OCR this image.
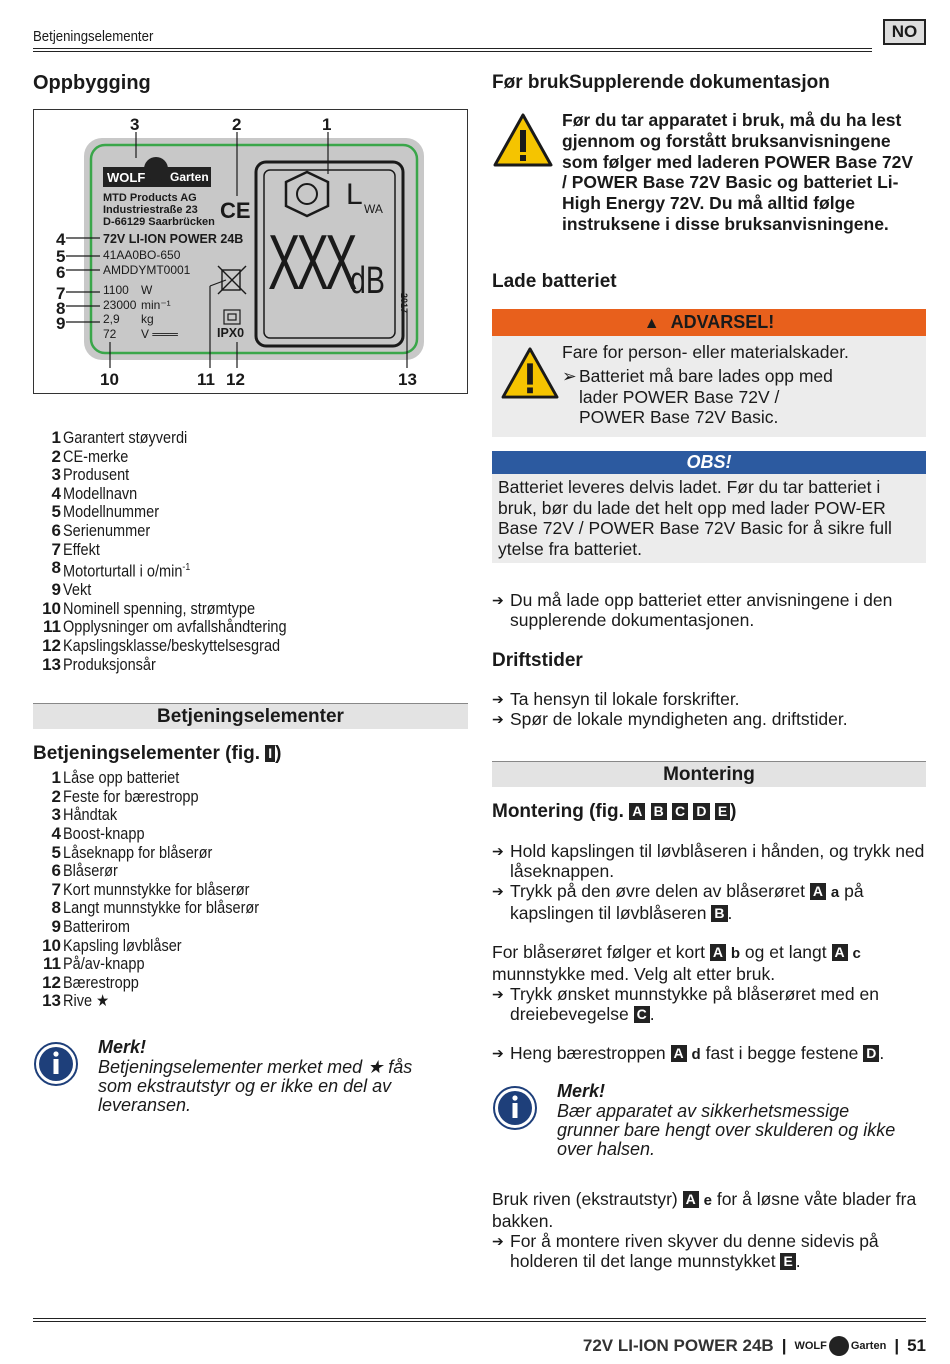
Betjeningselementer	NO
Oppbygging
3	2	1
4
5
6
7
8
9
10	11 12	13
WOLF Garten
MTD Products AG
Industriestraße 23
D-66129 Saarbrücken CE
72V LI-ION POWER 24B
41AA0BO-650
AMDDYMT0001
1100 W
23000 min⁻¹
2,9 kg
72 V ═══	IPX0
L WA
XXX
dB
2017
1 Garantert støyverdi
2 CE-merke
3 Produsent
4 Modellnavn
5 Modellnummer
6 Serienummer
7 Effekt
8 Motorturtall i $o/\min^{-1}$
9 Vekt
10 Nominell spenning, strømtype
11 Opplysninger om avfallshåndtering
12 Kapslingsklasse/beskyttelsesgrad
13 Produksjonsår
Betjeningselementer
Betjeningselementer (fig. I )
1 Låse opp batteriet
2 Feste for bærestropp
3 Håndtak
4 Boost-knapp
5 Låseknapp for blåserør
6 Blåserør
7 Kort munnstykke for blåserør
8 Langt munnstykke for blåserør
9 Batterirom
10 Kapsling løvblåser
11 På/av-knapp
12 Bærestropp
13 Rive ★
Merk!
Betjeningselementer merket med ★ fås
som ekstrautstyr og er ikke en del av
leveransen.
Før brukSupplerende dokumentasjon
Før du tar apparatet i bruk, må du ha lest gjennom og forstått bruksanvisningene som følger med laderen POWER Base 72V / POWER Base 72V Basic og batteriet Li-High Energy 72V. Du må alltid følge instruksene i disse bruksanvisningene.
Lade batteriet
▲ ADVARSEL!
Fare for person- eller materialskader.
➢ Batteriet må bare lades opp med lader POWER Base 72V / POWER Base 72V Basic.
OBS!
Batteriet leveres delvis ladet. Før du tar batteriet i bruk, bør du lade det helt opp med lader POW-ER Base 72V / POWER Base 72V Basic for å sikre full ytelse fra batteriet.
➔ Du må lade opp batteriet etter anvisningene i den supplerende dokumentasjonen.
Driftstider
➔ Ta hensyn til lokale forskrifter.
➔ Spør de lokale myndigheten ang. driftstider.
Montering
Montering (fig. A B C D E )
➔ Hold kapslingen til løvblåseren i hånden, og trykk ned låseknappen.
➔ Trykk på den øvre delen av blåserøret A a på kapslingen til løvblåseren B .
For blåserøret følger et kort A b og et langt A c munnstykke med. Velg alt etter bruk.
➔ Trykk ønsket munnstykke på blåserøret med en dreiebevegelse C .
➔ Heng bærestroppen A d fast i begge festene D .
Merk!
Bær apparatet av sikkerhetsmessige grunner bare hengt over skulderen og ikke over halsen.
Bruk riven (ekstrautstyr) A e for å løsne våte blader fra bakken.
➔ For å montere riven skyver du denne sidevis på holderen til det lange munnstykket E .
72V LI-ION POWER 24B | WOLF Garten | 51
